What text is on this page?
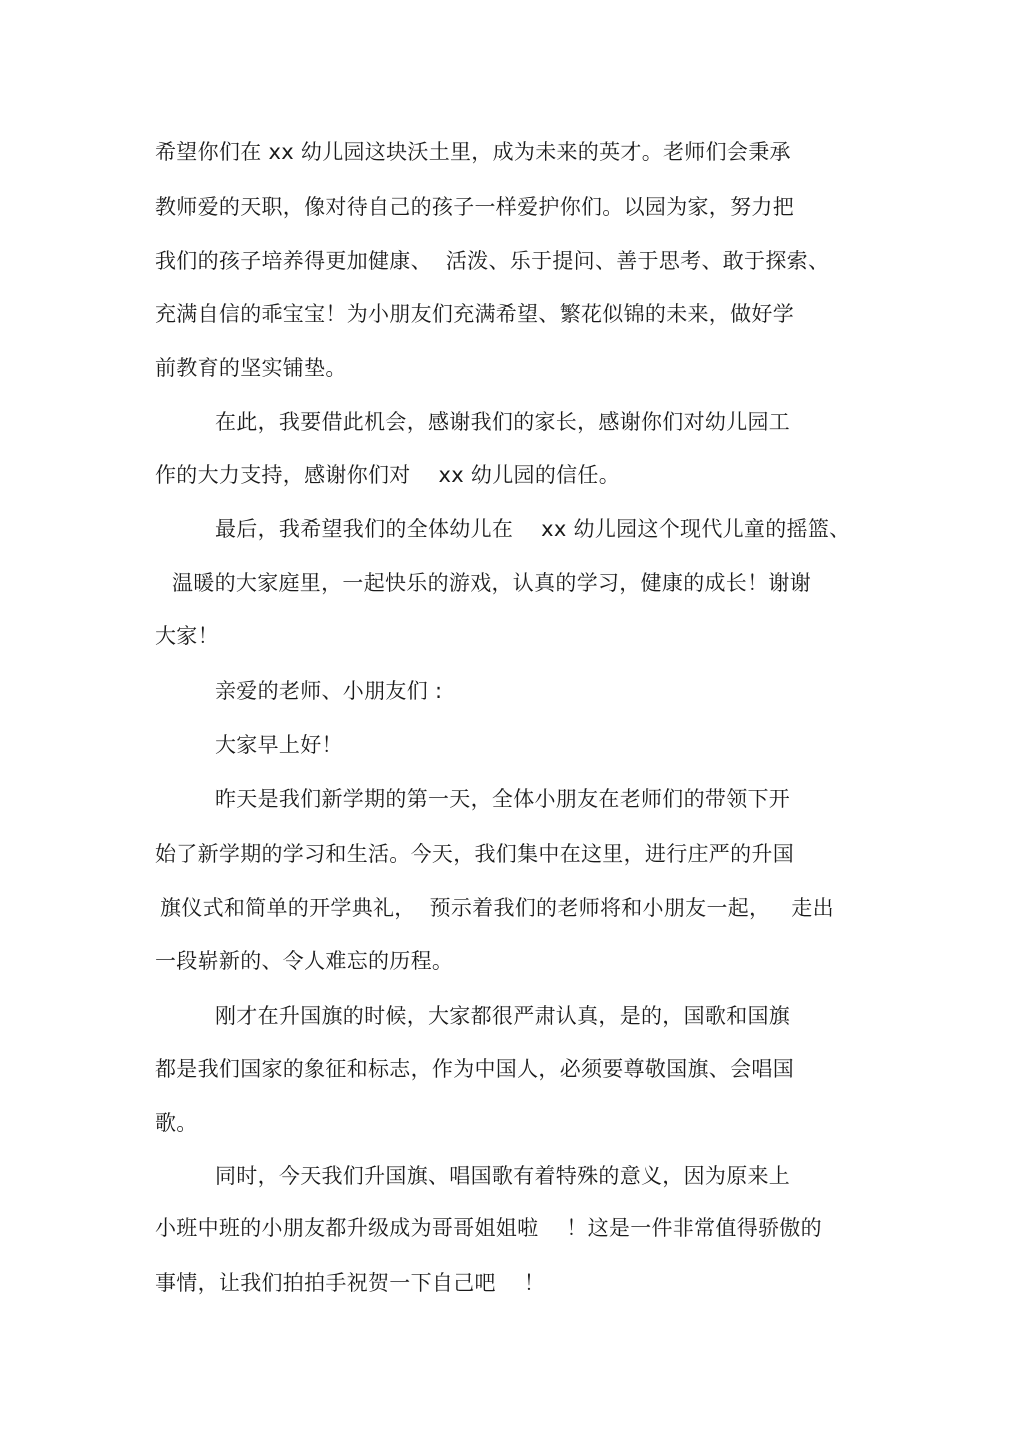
希望你们在 xx 幼儿园这块沃土里，成为未来的英才。老师们会秉承
教师爱的天职，像对待自己的孩子一样爱护你们。以园为家，努力把
我们的孩子培养得更加健康、  活泼、乐于提问、善于思考、敢于探索、
充满自信的乖宝宝！为小朋友们充满希望、繁花似锦的未来，做好学
前教育的坚实铺垫。
在此，我要借此机会，感谢我们的家长，感谢你们对幼儿园工
作的大力支持，感谢你们对    xx 幼儿园的信任。
最后，我希望我们的全体幼儿在    xx 幼儿园这个现代儿童的摇篮、
温暖的大家庭里，一起快乐的游戏，认真的学习，健康的成长！谢谢
大家！
亲爱的老师、小朋友们 :
大家早上好！
昨天是我们新学期的第一天，全体小朋友在老师们的带领下开
始了新学期的学习和生活。今天，我们集中在这里，进行庄严的升国
旗仪式和简单的开学典礼，  预示着我们的老师将和小朋友一起，   走出
一段崭新的、令人难忘的历程。
刚才在升国旗的时候，大家都很严肃认真，是的，国歌和国旗
都是我们国家的象征和标志，作为中国人，必须要尊敬国旗、会唱国
歌。
同时，今天我们升国旗、唱国歌有着特殊的意义，因为原来上
小班中班的小朋友都升级成为哥哥姐姐啦    ！这是一件非常值得骄傲的
事情，让我们拍拍手祝贺一下自己吧    ！
